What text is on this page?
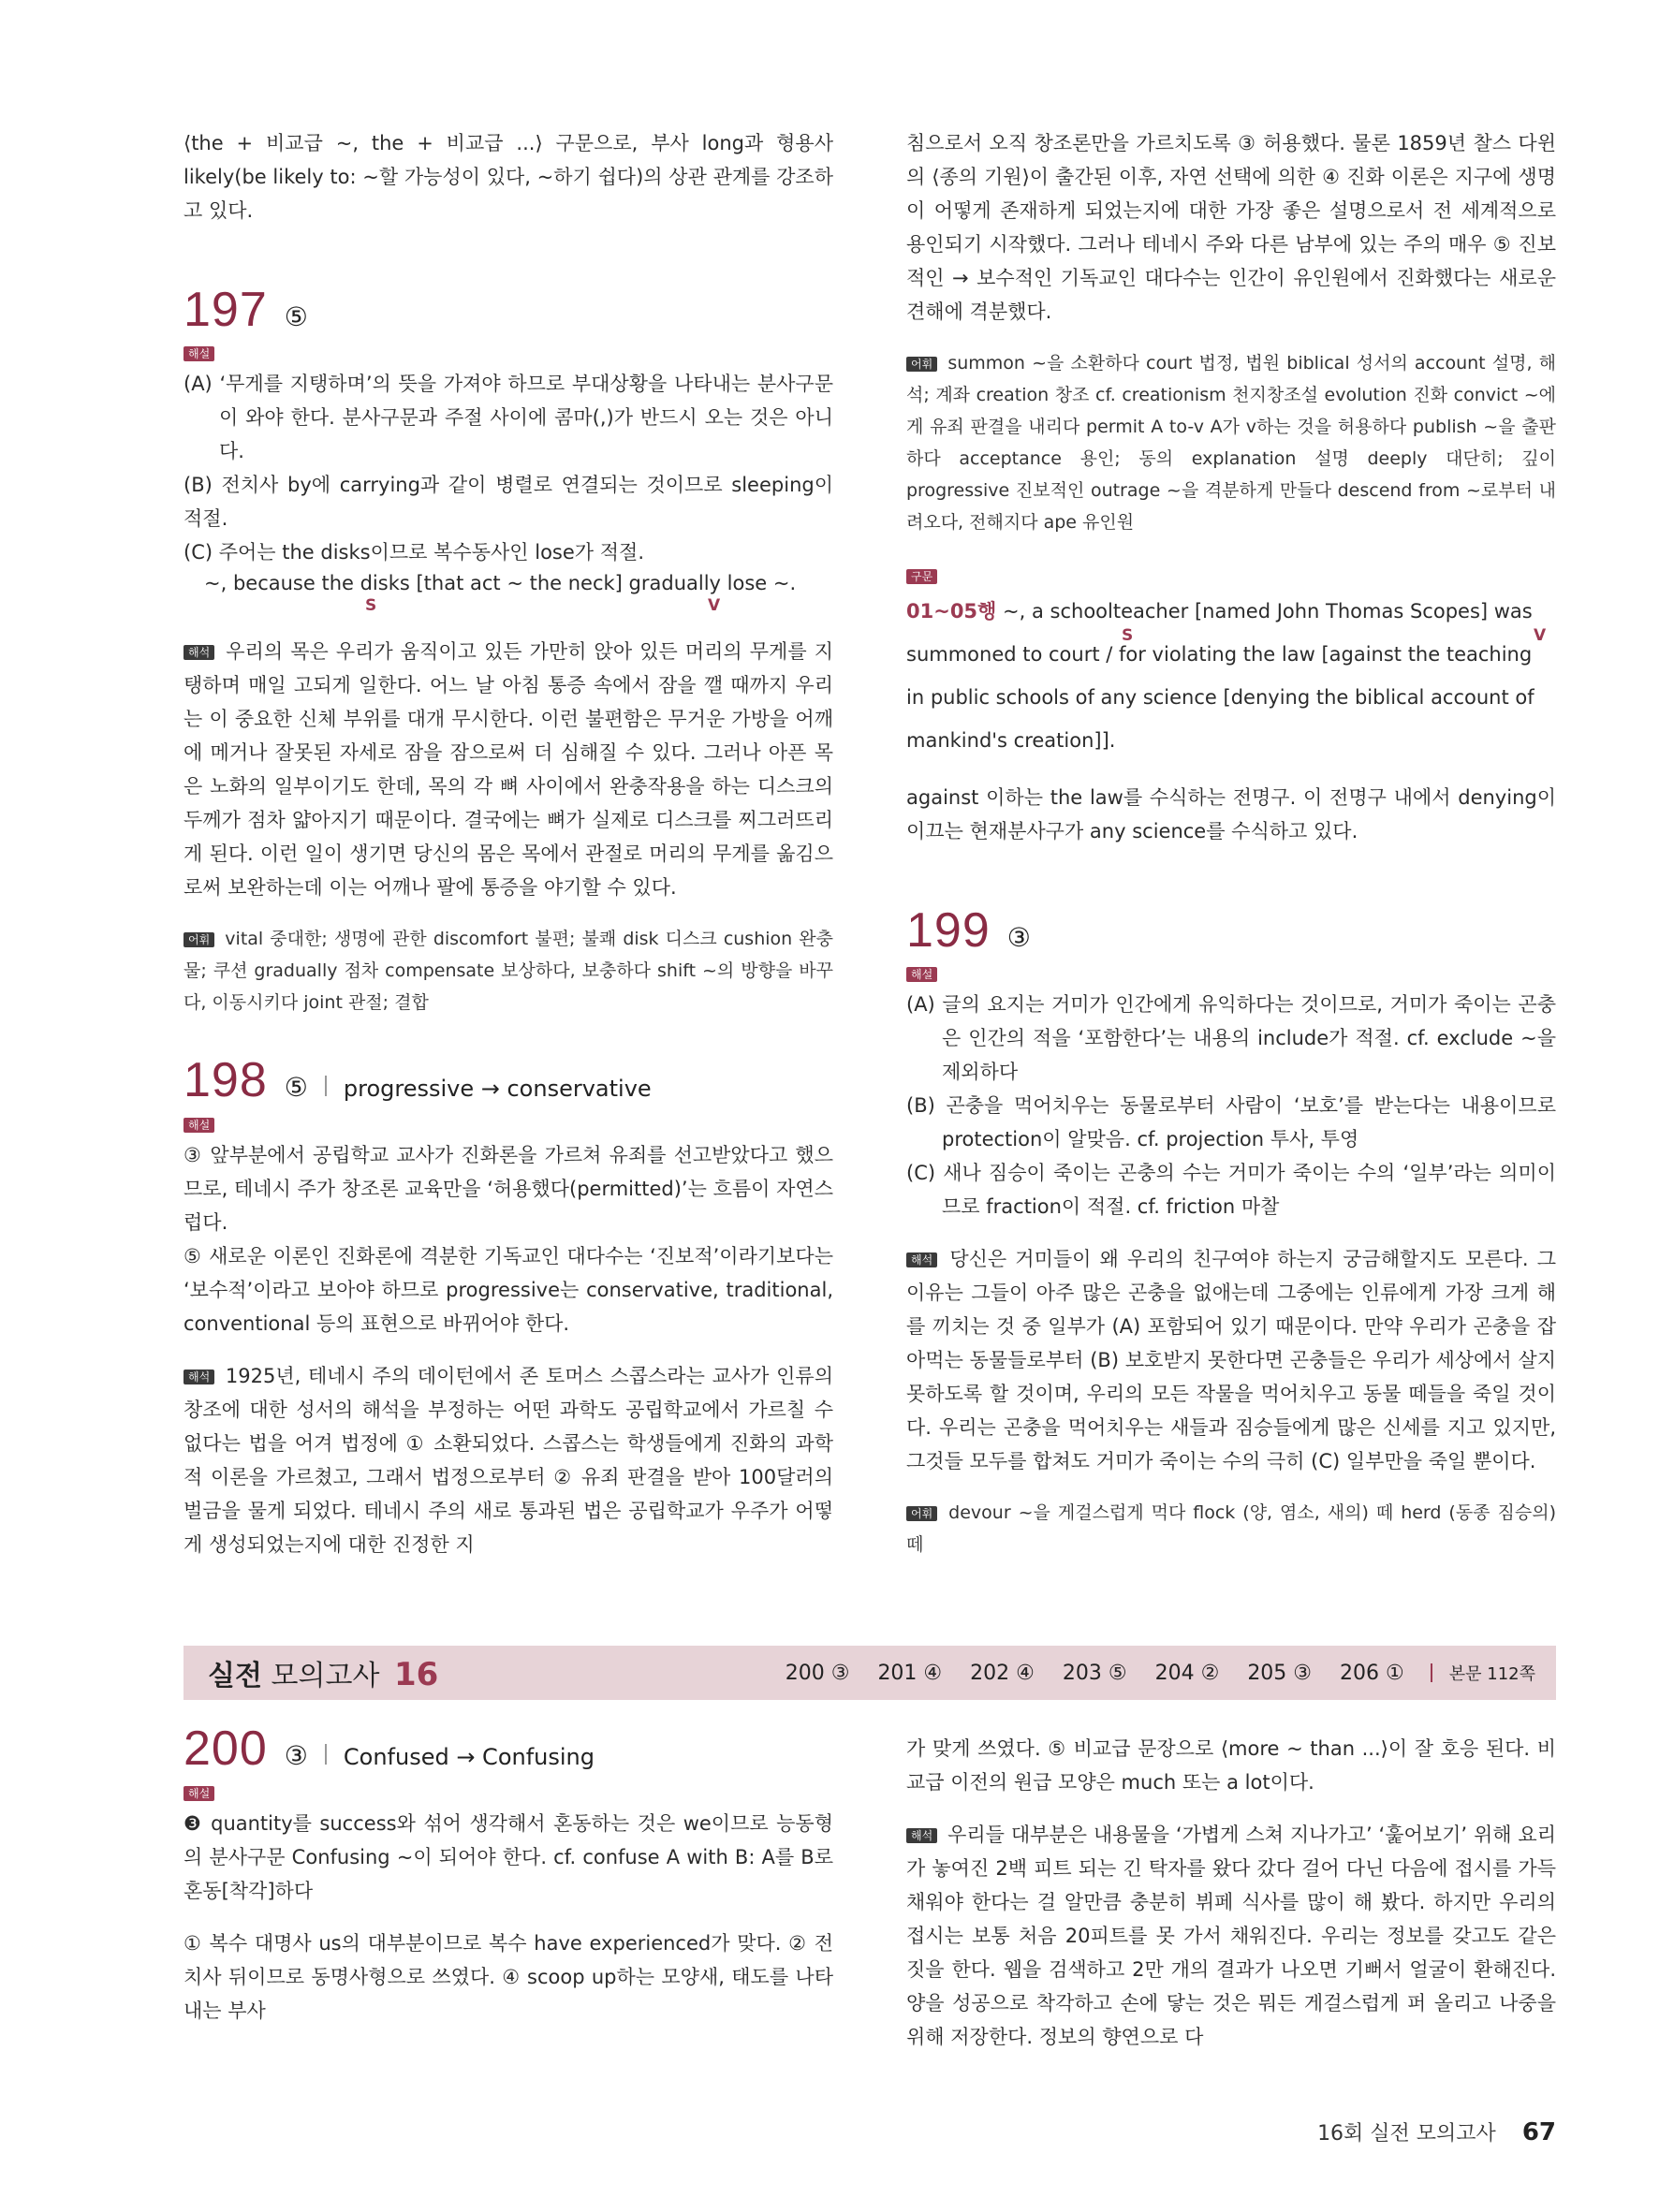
⟨the + 비교급 ~, the + 비교급 ...⟩ 구문으로, 부사 long과 형용사 likely(be likely to: ~할 가능성이 있다, ~하기 쉽다)의 상관 관계를 강조하고 있다.

197 ⑤
해설

(A) ‘무게를 지탱하며’의 뜻을 가져야 하므로 부대상황을 나타내는 분사구문이 와야 한다. 분사구문과 주절 사이에 콤마(,)가 반드시 오는 것은 아니다.

(B) 전치사 by에 carrying과 같이 병렬로 연결되는 것이므로 sleeping이 적절.

(C) 주어는 the disks이므로 복수동사인 lose가 적절.

~, because the disks [that act ~ the neck] gradually lose ~.
S	V

해석 우리의 목은 우리가 움직이고 있든 가만히 앉아 있든 머리의 무게를 지탱하며 매일 고되게 일한다. 어느 날 아침 통증 속에서 잠을 깰 때까지 우리는 이 중요한 신체 부위를 대개 무시한다. 이런 불편함은 무거운 가방을 어깨에 메거나 잘못된 자세로 잠을 잠으로써 더 심해질 수 있다. 그러나 아픈 목은 노화의 일부이기도 한데, 목의 각 뼈 사이에서 완충작용을 하는 디스크의 두께가 점차 얇아지기 때문이다. 결국에는 뼈가 실제로 디스크를 찌그러뜨리게 된다. 이런 일이 생기면 당신의 몸은 목에서 관절로 머리의 무게를 옮김으로써 보완하는데 이는 어깨나 팔에 통증을 야기할 수 있다.

어휘 vital 중대한; 생명에 관한 discomfort 불편; 불쾌 disk 디스크 cushion 완충물; 쿠션 gradually 점차 compensate 보상하다, 보충하다 shift ~의 방향을 바꾸다, 이동시키다 joint 관절; 결합

198 ⑤ progressive → conservative
해설

③ 앞부분에서 공립학교 교사가 진화론을 가르쳐 유죄를 선고받았다고 했으므로, 테네시 주가 창조론 교육만을 ‘허용했다(permitted)’는 흐름이 자연스럽다.

⑤ 새로운 이론인 진화론에 격분한 기독교인 대다수는 ‘진보적’이라기보다는 ‘보수적’이라고 보아야 하므로 progressive는 conservative, traditional, conventional 등의 표현으로 바뀌어야 한다.

해석 1925년, 테네시 주의 데이턴에서 존 토머스 스콥스라는 교사가 인류의 창조에 대한 성서의 해석을 부정하는 어떤 과학도 공립학교에서 가르칠 수 없다는 법을 어겨 법정에 ① 소환되었다. 스콥스는 학생들에게 진화의 과학적 이론을 가르쳤고, 그래서 법정으로부터 ② 유죄 판결을 받아 100달러의 벌금을 물게 되었다. 테네시 주의 새로 통과된 법은 공립학교가 우주가 어떻게 생성되었는지에 대한 진정한 지

침으로서 오직 창조론만을 가르치도록 ③ 허용했다. 물론 1859년 찰스 다윈의 ⟨종의 기원⟩이 출간된 이후, 자연 선택에 의한 ④ 진화 이론은 지구에 생명이 어떻게 존재하게 되었는지에 대한 가장 좋은 설명으로서 전 세계적으로 용인되기 시작했다. 그러나 테네시 주와 다른 남부에 있는 주의 매우 ⑤ 진보적인 → 보수적인 기독교인 대다수는 인간이 유인원에서 진화했다는 새로운 견해에 격분했다.

어휘 summon ~을 소환하다 court 법정, 법원 biblical 성서의 account 설명, 해석; 계좌 creation 창조 cf. creationism 천지창조설 evolution 진화 convict ~에게 유죄 판결을 내리다 permit A to-v A가 v하는 것을 허용하다 publish ~을 출판하다 acceptance 용인; 동의 explanation 설명 deeply 대단히; 깊이 progressive 진보적인 outrage ~을 격분하게 만들다 descend from ~로부터 내려오다, 전해지다 ape 유인원

구문
01~05행 ~, a schoolteacher [named John Thomas Scopes] was
summoned to court / for violating the law [against the teaching
S	V
in public schools of any science [denying the biblical account of
mankind's creation]].

against 이하는 the law를 수식하는 전명구. 이 전명구 내에서 denying이 이끄는 현재분사구가 any science를 수식하고 있다.

199 ③
해설

(A) 글의 요지는 거미가 인간에게 유익하다는 것이므로, 거미가 죽이는 곤충은 인간의 적을 ‘포함한다’는 내용의 include가 적절. cf. exclude ~을 제외하다

(B) 곤충을 먹어치우는 동물로부터 사람이 ‘보호’를 받는다는 내용이므로 protection이 알맞음. cf. projection 투사, 투영

(C) 새나 짐승이 죽이는 곤충의 수는 거미가 죽이는 수의 ‘일부’라는 의미이므로 fraction이 적절. cf. friction 마찰

해석 당신은 거미들이 왜 우리의 친구여야 하는지 궁금해할지도 모른다. 그 이유는 그들이 아주 많은 곤충을 없애는데 그중에는 인류에게 가장 크게 해를 끼치는 것 중 일부가 (A) 포함되어 있기 때문이다. 만약 우리가 곤충을 잡아먹는 동물들로부터 (B) 보호받지 못한다면 곤충들은 우리가 세상에서 살지 못하도록 할 것이며, 우리의 모든 작물을 먹어치우고 동물 떼들을 죽일 것이다. 우리는 곤충을 먹어치우는 새들과 짐승들에게 많은 신세를 지고 있지만, 그것들 모두를 합쳐도 거미가 죽이는 수의 극히 (C) 일부만을 죽일 뿐이다.

어휘 devour ~을 게걸스럽게 먹다 flock (양, 염소, 새의) 떼 herd (동종 짐승의) 떼

실전 모의고사 16	200 ③ 201 ④ 202 ④ 203 ⑤ 204 ② 205 ③ 206 ①	본문 112쪽
200 ③ Confused → Confusing
해설

❸ quantity를 success와 섞어 생각해서 혼동하는 것은 we이므로 능동형의 분사구문 Confusing ~이 되어야 한다. cf. confuse A with B: A를 B로 혼동[착각]하다

① 복수 대명사 us의 대부분이므로 복수 have experienced가 맞다. ② 전치사 뒤이므로 동명사형으로 쓰였다. ④ scoop up하는 모양새, 태도를 나타내는 부사

가 맞게 쓰였다. ⑤ 비교급 문장으로 ⟨more ~ than ...⟩이 잘 호응 된다. 비교급 이전의 원급 모양은 much 또는 a lot이다.

해석 우리들 대부분은 내용물을 ‘가볍게 스쳐 지나가고’ ‘훑어보기’ 위해 요리가 놓여진 2백 피트 되는 긴 탁자를 왔다 갔다 걸어 다닌 다음에 접시를 가득 채워야 한다는 걸 알만큼 충분히 뷔페 식사를 많이 해 봤다. 하지만 우리의 접시는 보통 처음 20피트를 못 가서 채워진다. 우리는 정보를 갖고도 같은 짓을 한다. 웹을 검색하고 2만 개의 결과가 나오면 기뻐서 얼굴이 환해진다. 양을 성공으로 착각하고 손에 닿는 것은 뭐든 게걸스럽게 퍼 올리고 나중을 위해 저장한다. 정보의 향연으로 다

16회 실전 모의고사 67
